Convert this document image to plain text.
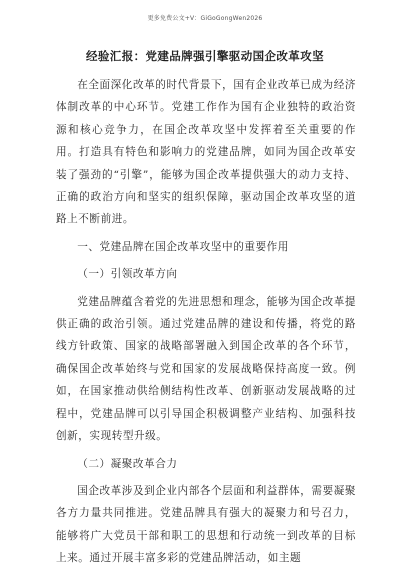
更多免费公文+V：GiGoGongWen2026
经验汇报：党建品牌强引擎驱动国企改革攻坚

在全面深化改革的时代背景下，国有企业改革已成为经济体制改革的中心环节。党建工作作为国有企业独特的政治资源和核心竞争力，在国企改革攻坚中发挥着至关重要的作用。打造具有特色和影响力的党建品牌，如同为国企改革安装了强劲的“引擎”，能够为国企改革提供强大的动力支持、正确的政治方向和坚实的组织保障，驱动国企改革攻坚的道路上不断前进。

一、党建品牌在国企改革攻坚中的重要作用

（一）引领改革方向

党建品牌蕴含着党的先进思想和理念，能够为国企改革提供正确的政治引领。通过党建品牌的建设和传播，将党的路线方针政策、国家的战略部署融入到国企改革的各个环节，确保国企改革始终与党和国家的发展战略保持高度一致。例如，在国家推动供给侧结构性改革、创新驱动发展战略的过程中，党建品牌可以引导国企积极调整产业结构、加强科技创新，实现转型升级。

（二）凝聚改革合力

国企改革涉及到企业内部各个层面和利益群体，需要凝聚各方力量共同推进。党建品牌具有强大的凝聚力和号召力，能够将广大党员干部和职工的思想和行动统一到改革的目标上来。通过开展丰富多彩的党建品牌活动，如主题
